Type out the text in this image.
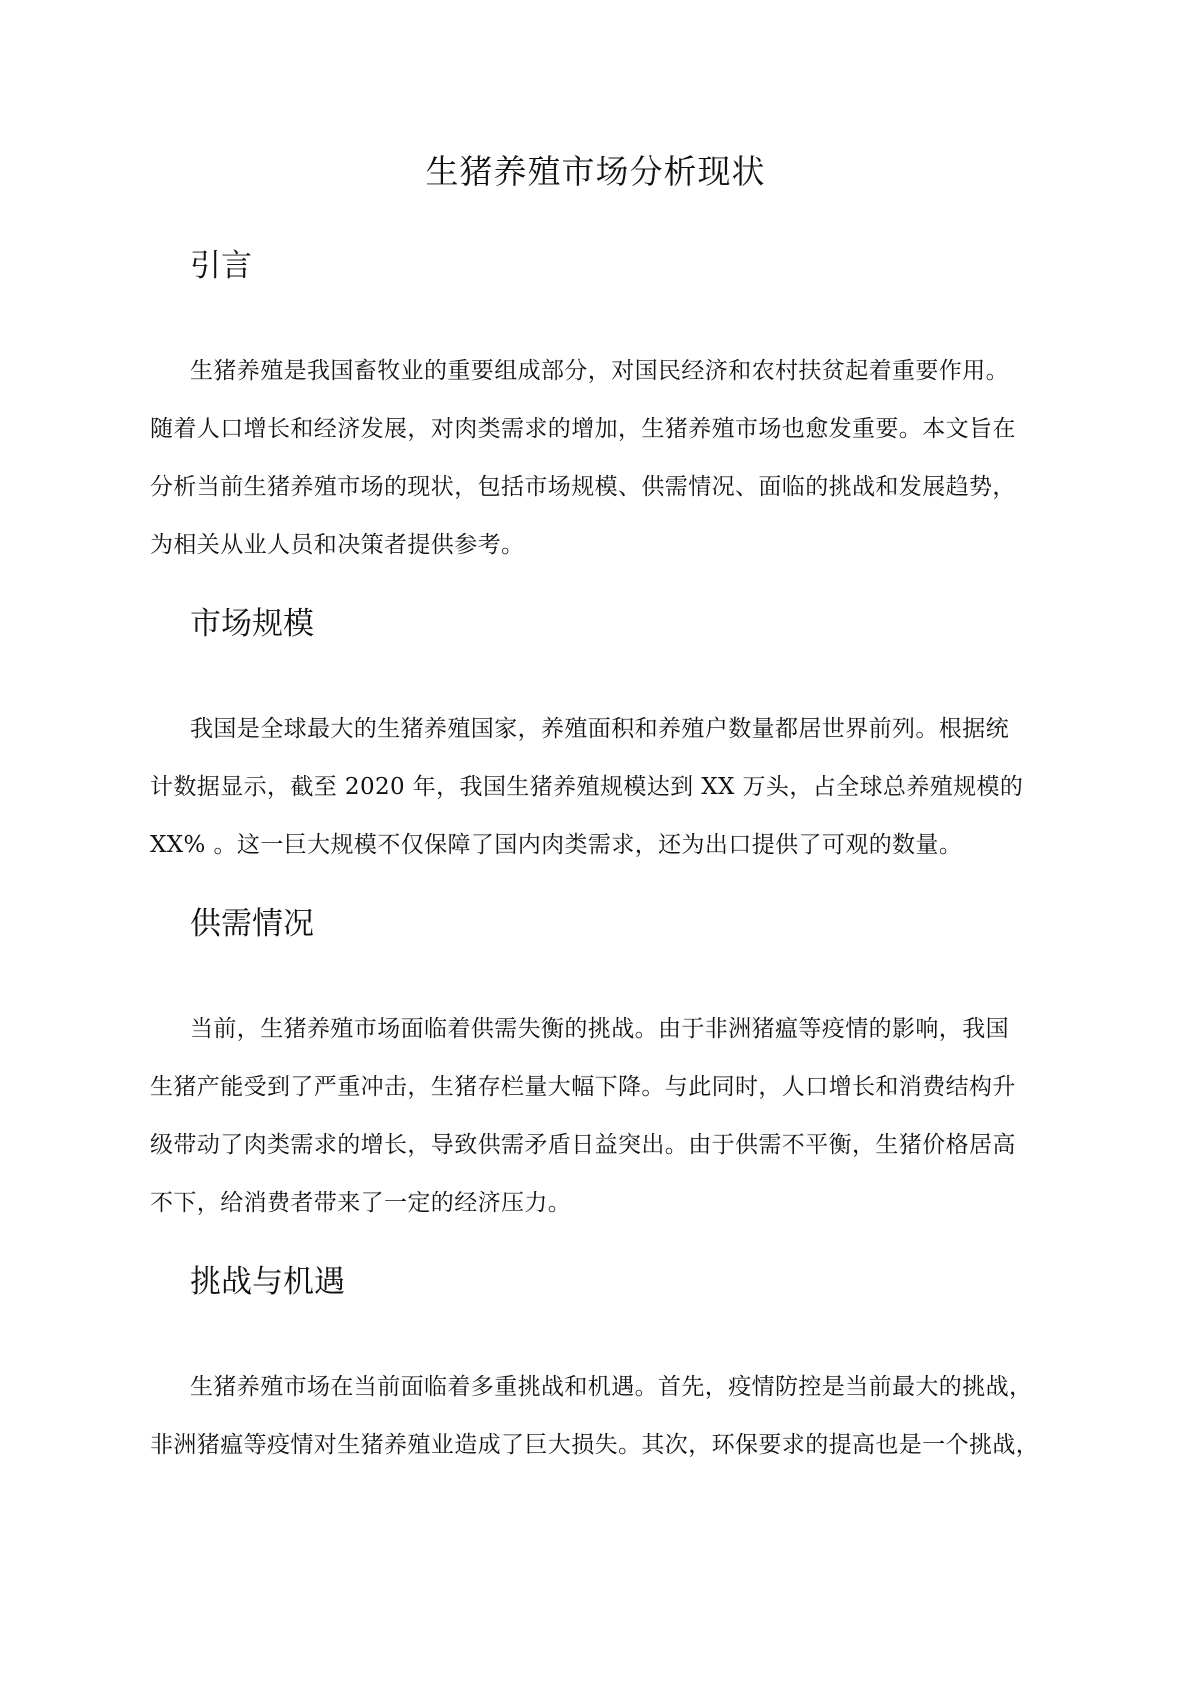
生猪养殖市场分析现状
引言
生猪养殖是我国畜牧业的重要组成部分，对国民经济和农村扶贫起着重要作用。
随着人口增长和经济发展，对肉类需求的增加，生猪养殖市场也愈发重要。本文旨在
分析当前生猪养殖市场的现状，包括市场规模、供需情况、面临的挑战和发展趋势，
为相关从业人员和决策者提供参考。
市场规模
我国是全球最大的生猪养殖国家，养殖面积和养殖户数量都居世界前列。根据统
计数据显示，截至 2020 年，我国生猪养殖规模达到 XX 万头，占全球总养殖规模的
XX% 。这一巨大规模不仅保障了国内肉类需求，还为出口提供了可观的数量。
供需情况
当前，生猪养殖市场面临着供需失衡的挑战。由于非洲猪瘟等疫情的影响，我国
生猪产能受到了严重冲击，生猪存栏量大幅下降。与此同时，人口增长和消费结构升
级带动了肉类需求的增长，导致供需矛盾日益突出。由于供需不平衡，生猪价格居高
不下，给消费者带来了一定的经济压力。
挑战与机遇
生猪养殖市场在当前面临着多重挑战和机遇。首先，疫情防控是当前最大的挑战，
非洲猪瘟等疫情对生猪养殖业造成了巨大损失。其次，环保要求的提高也是一个挑战，
